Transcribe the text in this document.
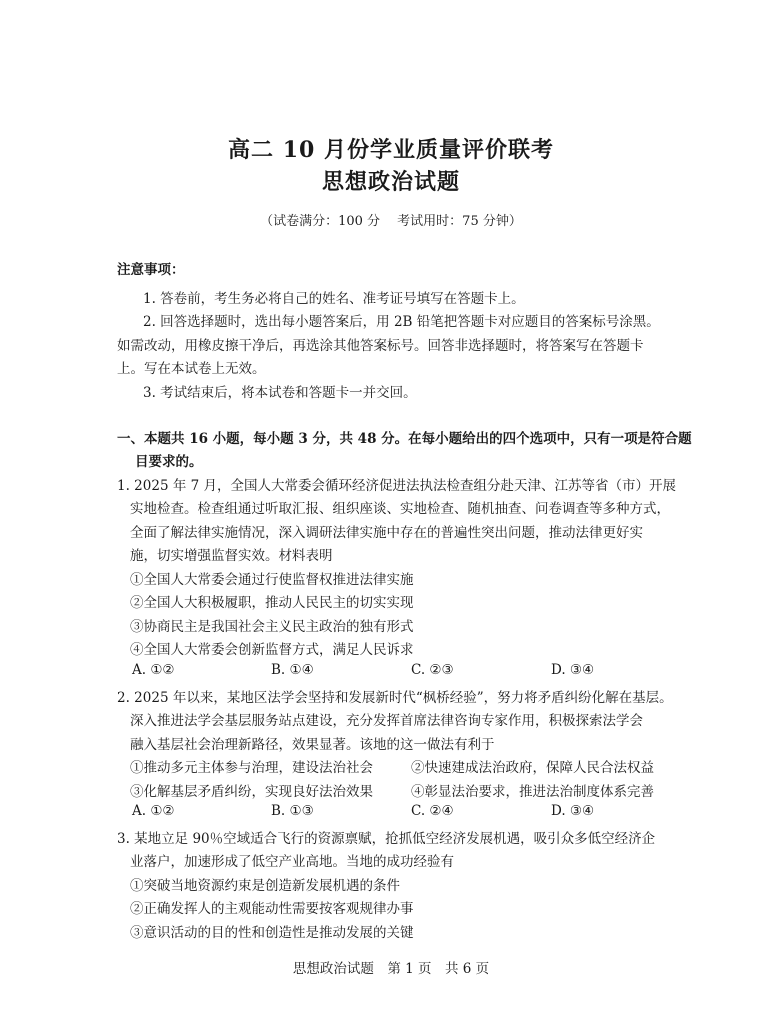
高二 10 月份学业质量评价联考
思想政治试题
（试卷满分：100 分　 考试用时：75 分钟）
注意事项：
1. 答卷前，考生务必将自己的姓名、准考证号填写在答题卡上。
2. 回答选择题时，选出每小题答案后，用 2B 铅笔把答题卡对应题目的答案标号涂黑。
如需改动，用橡皮擦干净后，再选涂其他答案标号。回答非选择题时，将答案写在答题卡
上。写在本试卷上无效。
3. 考试结束后，将本试卷和答题卡一并交回。
一、本题共 16 小题，每小题 3 分，共 48 分。在每小题给出的四个选项中，只有一项是符合题
目要求的。
1. 2025 年 7 月，全国人大常委会循环经济促进法执法检查组分赴天津、江苏等省（市）开展
实地检查。检查组通过听取汇报、组织座谈、实地检查、随机抽查、问卷调查等多种方式，
全面了解法律实施情况，深入调研法律实施中存在的普遍性突出问题，推动法律更好实
施，切实增强监督实效。材料表明
①全国人大常委会通过行使监督权推进法律实施
②全国人大积极履职，推动人民民主的切实实现
③协商民主是我国社会主义民主政治的独有形式
④全国人大常委会创新监督方式，满足人民诉求
A. ①②	B. ①④	C. ②③	D. ③④
2. 2025 年以来，某地区法学会坚持和发展新时代“枫桥经验”，努力将矛盾纠纷化解在基层。
深入推进法学会基层服务站点建设，充分发挥首席法律咨询专家作用，积极探索法学会
融入基层社会治理新路径，效果显著。该地的这一做法有利于
①推动多元主体参与治理，建设法治社会	②快速建成法治政府，保障人民合法权益
③化解基层矛盾纠纷，实现良好法治效果	④彰显法治要求，推进法治制度体系完善
A. ①②	B. ①③	C. ②④	D. ③④
3. 某地立足 90％空域适合飞行的资源禀赋，抢抓低空经济发展机遇，吸引众多低空经济企
业落户，加速形成了低空产业高地。当地的成功经验有
①突破当地资源约束是创造新发展机遇的条件
②正确发挥人的主观能动性需要按客观规律办事
③意识活动的目的性和创造性是推动发展的关键
思想政治试题　第 1 页　共 6 页
